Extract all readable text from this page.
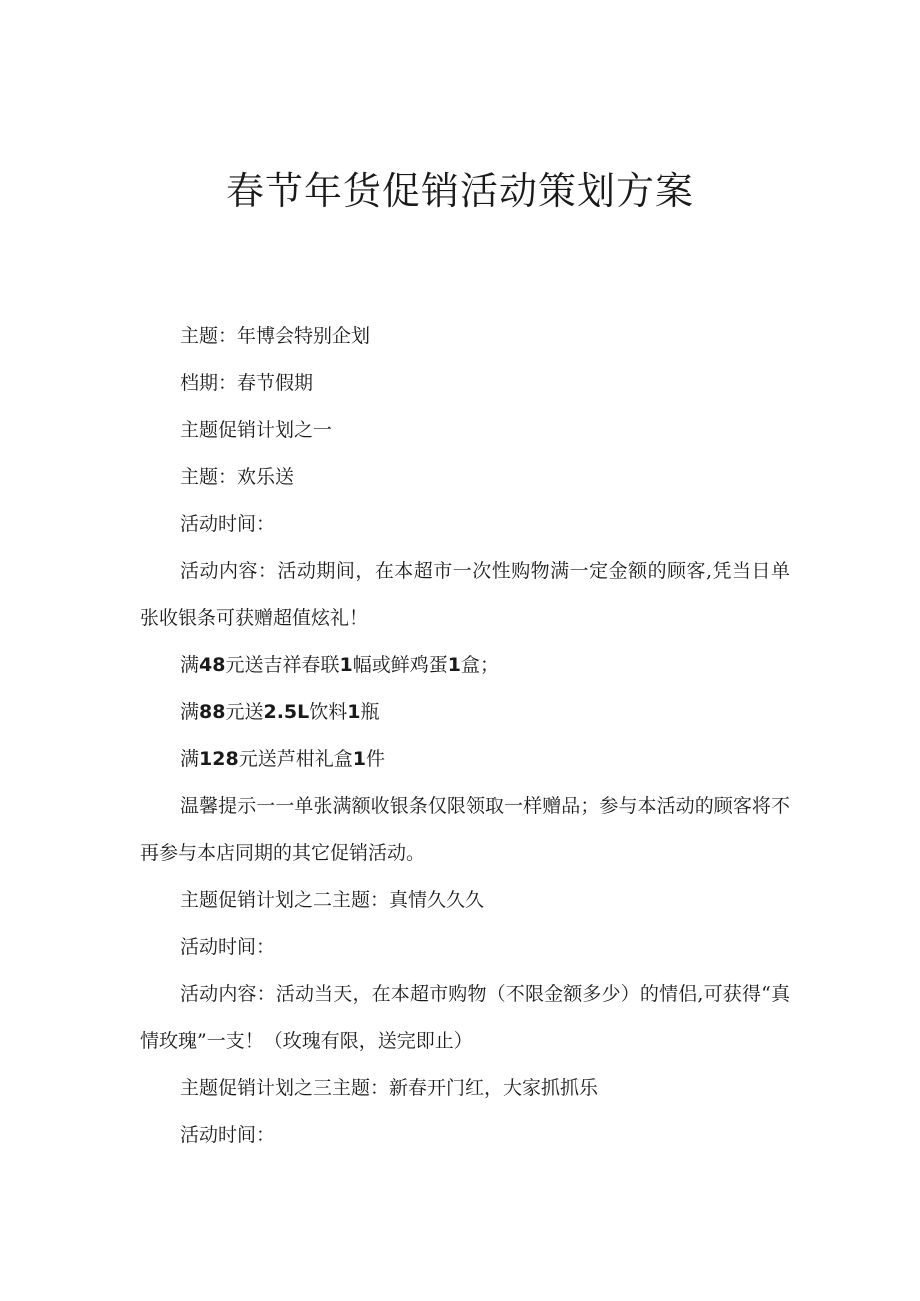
春节年货促销活动策划方案

主题：年博会特别企划

档期：春节假期

主题促销计划之一

主题：欢乐送

活动时间：

活动内容：活动期间，在本超市一次性购物满一定金额的顾客,凭当日单张收银条可获赠超值炫礼！

满48元送吉祥春联1幅或鲜鸡蛋1盒；

满88元送2.5L饮料1瓶

满128元送芦柑礼盒1件

温馨提示一一单张满额收银条仅限领取一样赠品；参与本活动的顾客将不再参与本店同期的其它促销活动。

主题促销计划之二主题：真情久久久

活动时间：

活动内容：活动当天，在本超市购物（不限金额多少）的情侣,可获得“真情玫瑰”一支！（玫瑰有限，送完即止）

主题促销计划之三主题：新春开门红，大家抓抓乐

活动时间：
